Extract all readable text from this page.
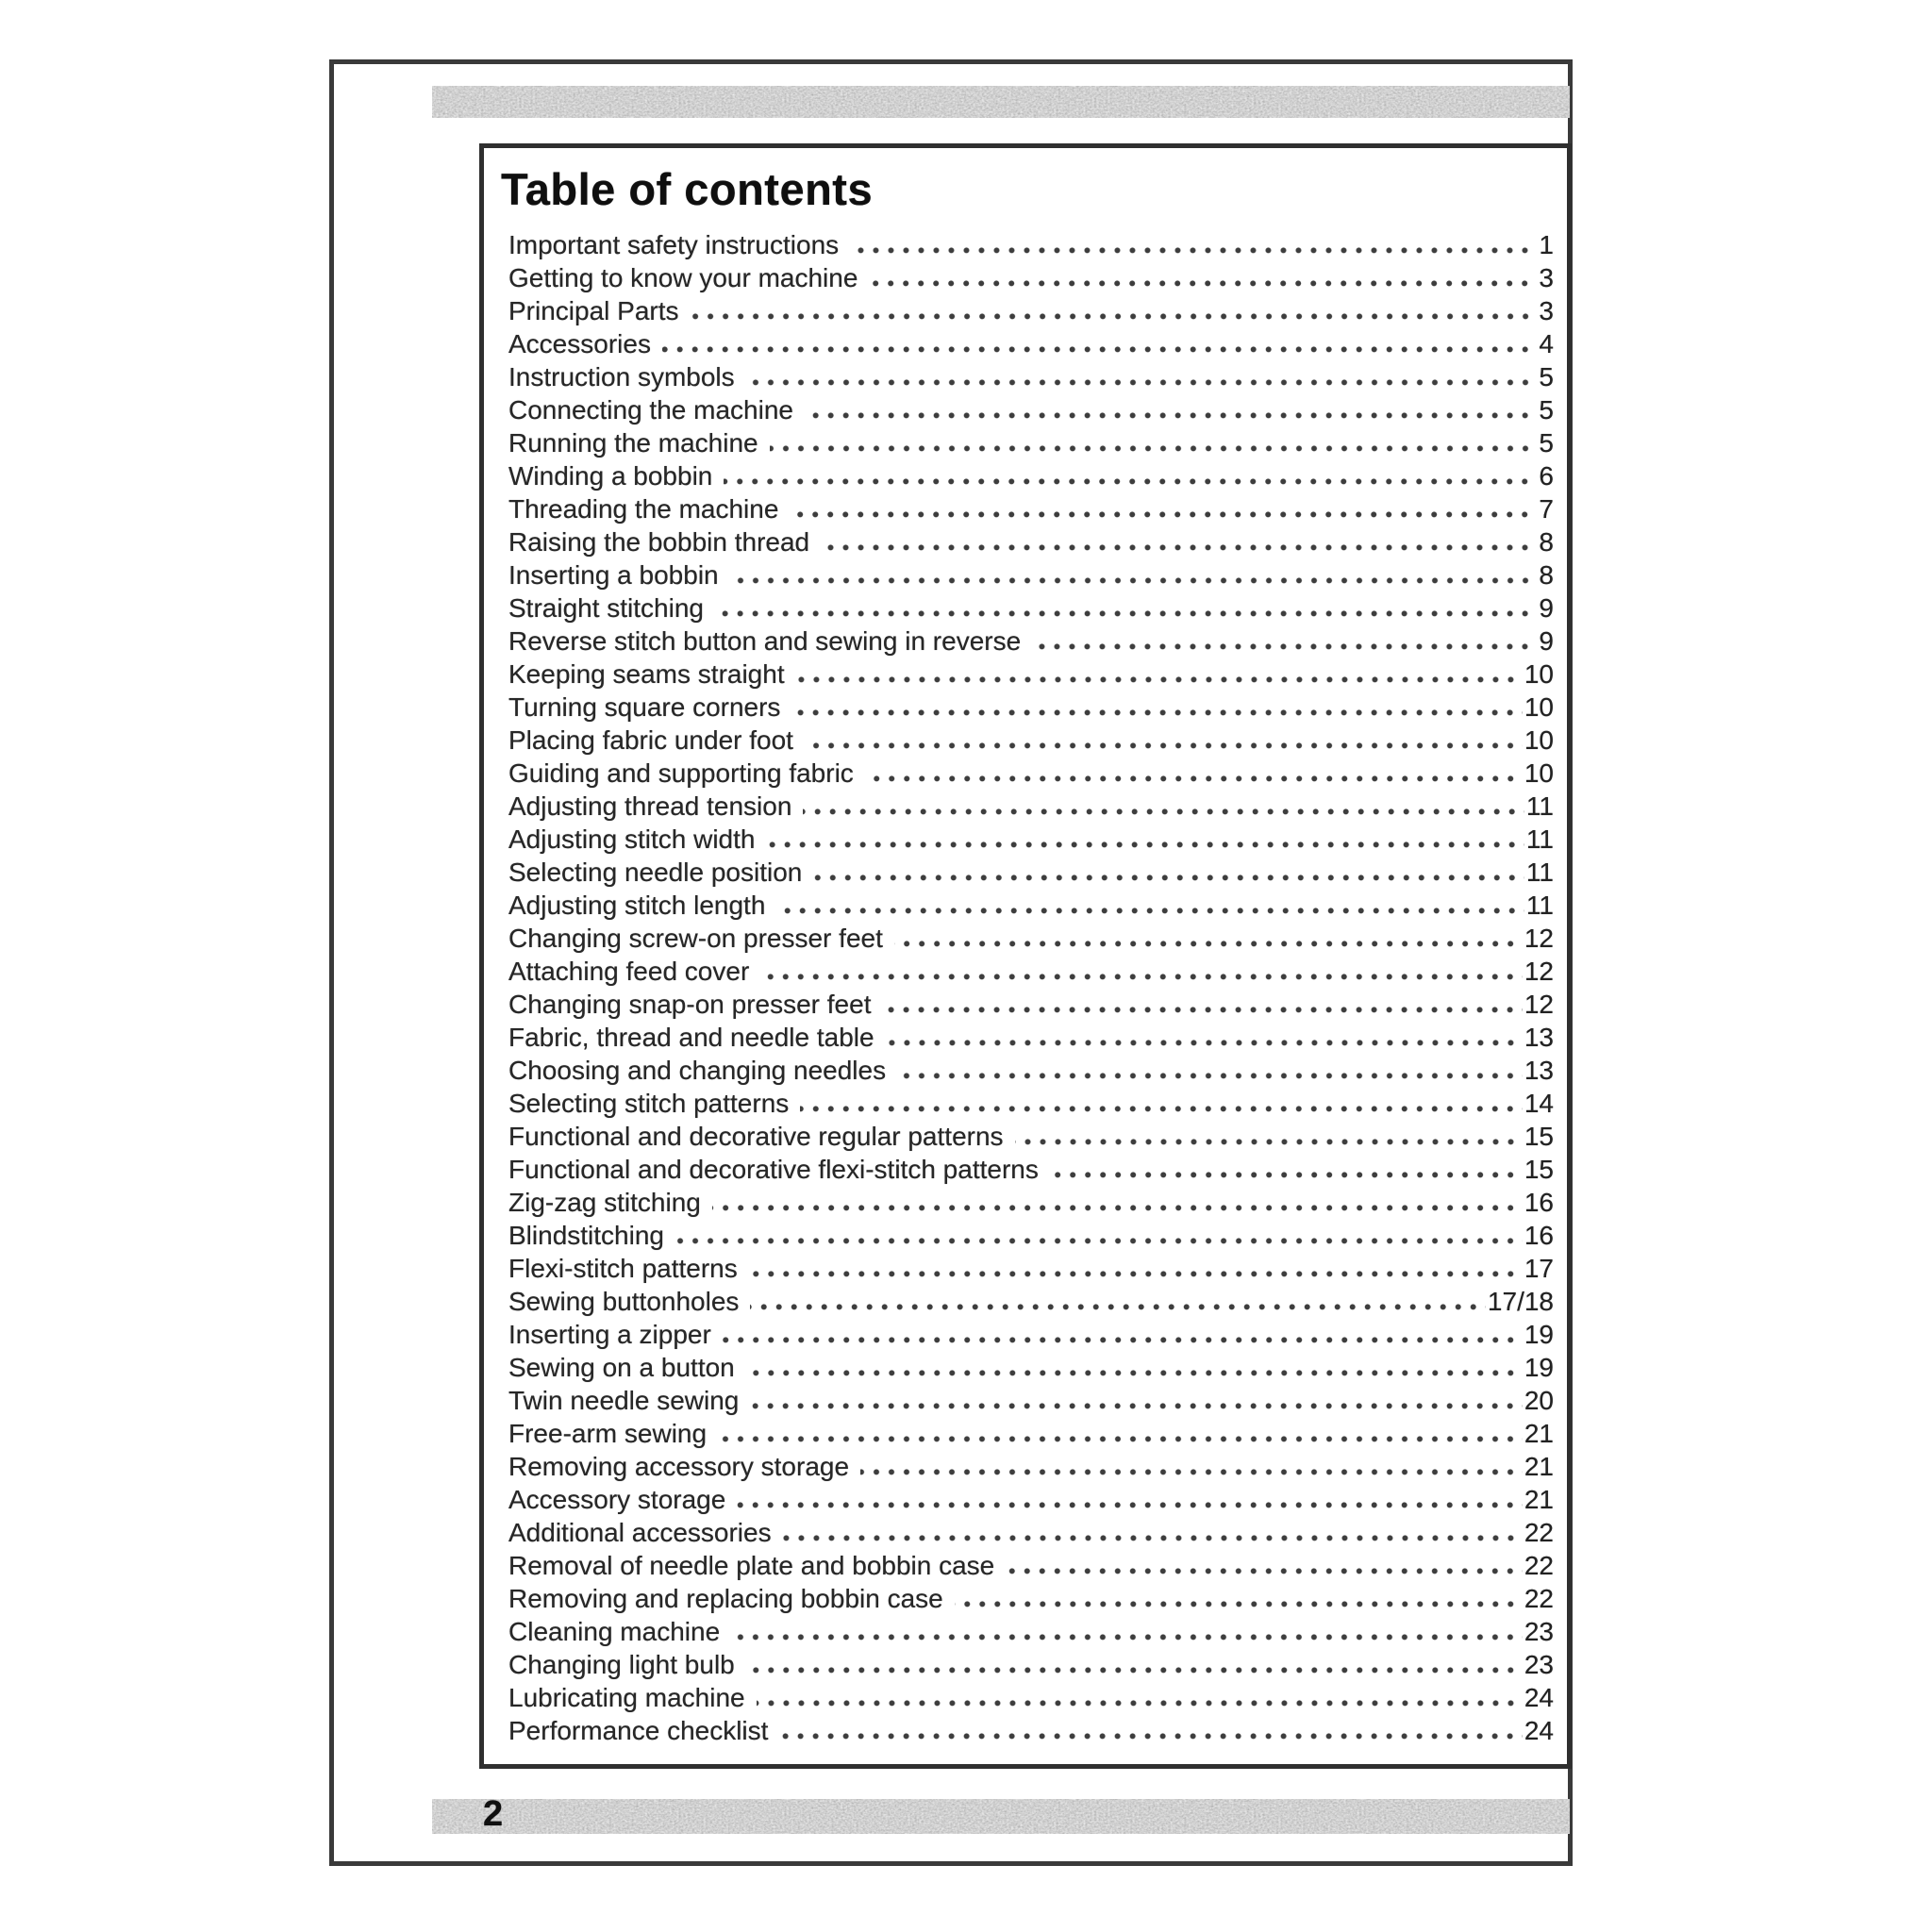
Table of contents
Important safety instructions	1
Getting to know your machine	3
Principal Parts	3
Accessories	4
Instruction symbols	5
Connecting the machine	5
Running the machine	5
Winding a bobbin	6
Threading the machine	7
Raising the bobbin thread	8
Inserting a bobbin	8
Straight stitching	9
Reverse stitch button and sewing in reverse	9
Keeping seams straight	10
Turning square corners	10
Placing fabric under foot	10
Guiding and supporting fabric	10
Adjusting thread tension	11
Adjusting stitch width	11
Selecting needle position	11
Adjusting stitch length	11
Changing screw-on presser feet	12
Attaching feed cover	12
Changing snap-on presser feet	12
Fabric, thread and needle table	13
Choosing and changing needles	13
Selecting stitch patterns	14
Functional and decorative regular patterns	15
Functional and decorative flexi-stitch patterns	15
Zig-zag stitching	16
Blindstitching	16
Flexi-stitch patterns	17
Sewing buttonholes	17/18
Inserting a zipper	19
Sewing on a button	19
Twin needle sewing	20
Free-arm sewing	21
Removing accessory storage	21
Accessory storage	21
Additional accessories	22
Removal of needle plate and bobbin case	22
Removing and replacing bobbin case	22
Cleaning machine	23
Changing light bulb	23
Lubricating machine	24
Performance checklist	24
2
